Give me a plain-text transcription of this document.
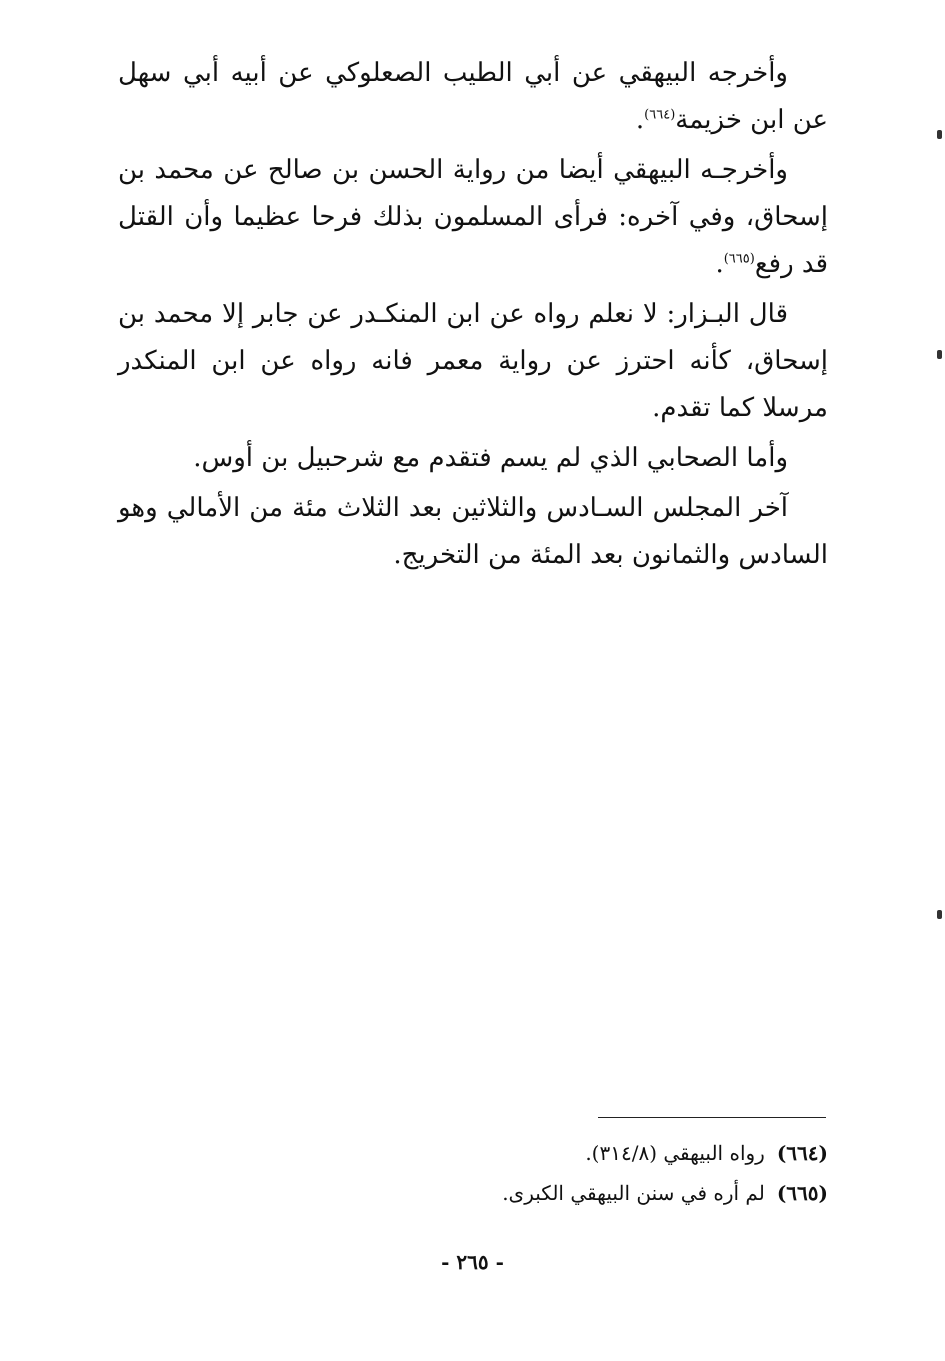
وأخرجه البيهقي عن أبي الطيب الصعلوكي عن أبيه أبي سهل عن ابن خزيمة$^{(٦٦٤)}$.

وأخرجـه البيهقي أيضا من رواية الحسن بن صالح عن محمد بن إسحاق، وفي آخره: فرأى المسلمون بذلك فرحا عظيما وأن القتل قد رفع$^{(٦٦٥)}$.

قال البـزار: لا نعلم رواه عن ابن المنكـدر عن جابر إلا محمد بن إسحاق، كأنه احترز عن رواية معمر فانه رواه عن ابن المنكدر مرسلا كما تقدم.

وأما الصحابي الذي لم يسم فتقدم مع شرحبيل بن أوس.

آخر المجلس السـادس والثلاثين بعد الثلاث مئة من الأمالي وهو السادس والثمانون بعد المئة من التخريج.

(٦٦٤)رواه البيهقي (٣١٤/٨).

(٦٦٥)لم أره في سنن البيهقي الكبرى.

- ٢٦٥ -
